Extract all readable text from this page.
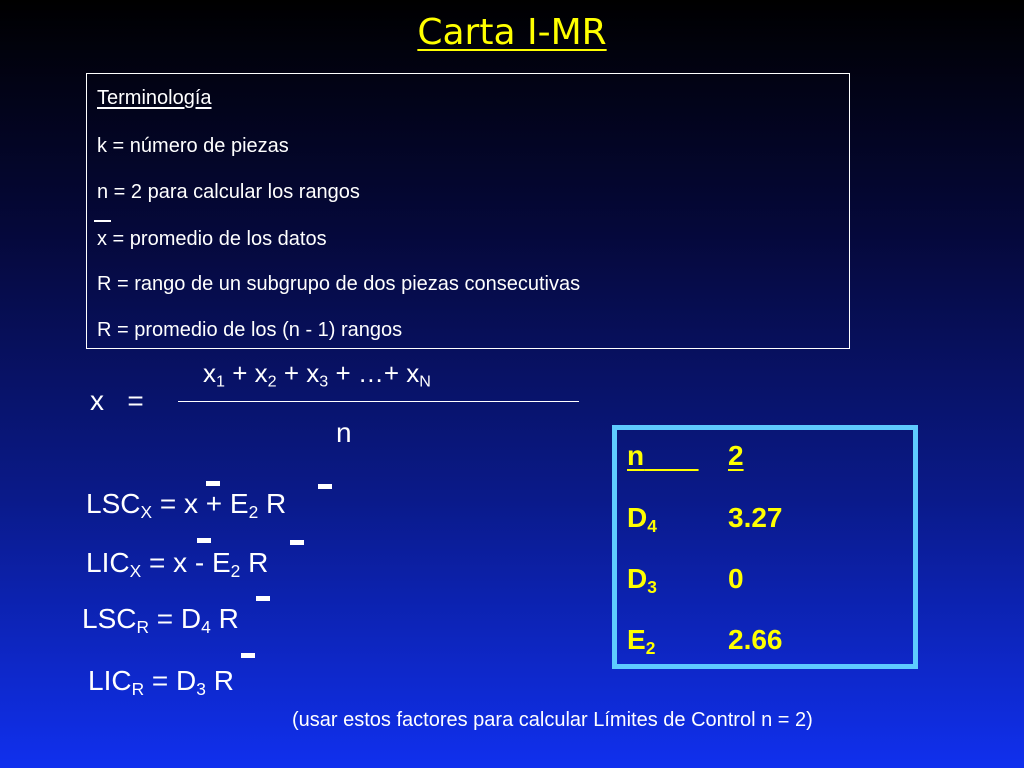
Carta I-MR
Terminología
k = número de piezas
n = 2 para calcular los rangos
x = promedio de los datos
R = rango de un subgrupo de dos piezas consecutivas
R = promedio de los (n - 1) rangos
$x_1 + x_2 + x_3$ + …+ $x_N$
x =
n
$LSC_X = x + E_2$ R
$LIC_X = x - E_2$ R
$LSC_R = D_4$ R
$LIC_R = D_3$ R
n	2
$D_4$	3.27
$D_3$	0
$E_2$	2.66
(usar estos factores para calcular Límites de Control n = 2)
